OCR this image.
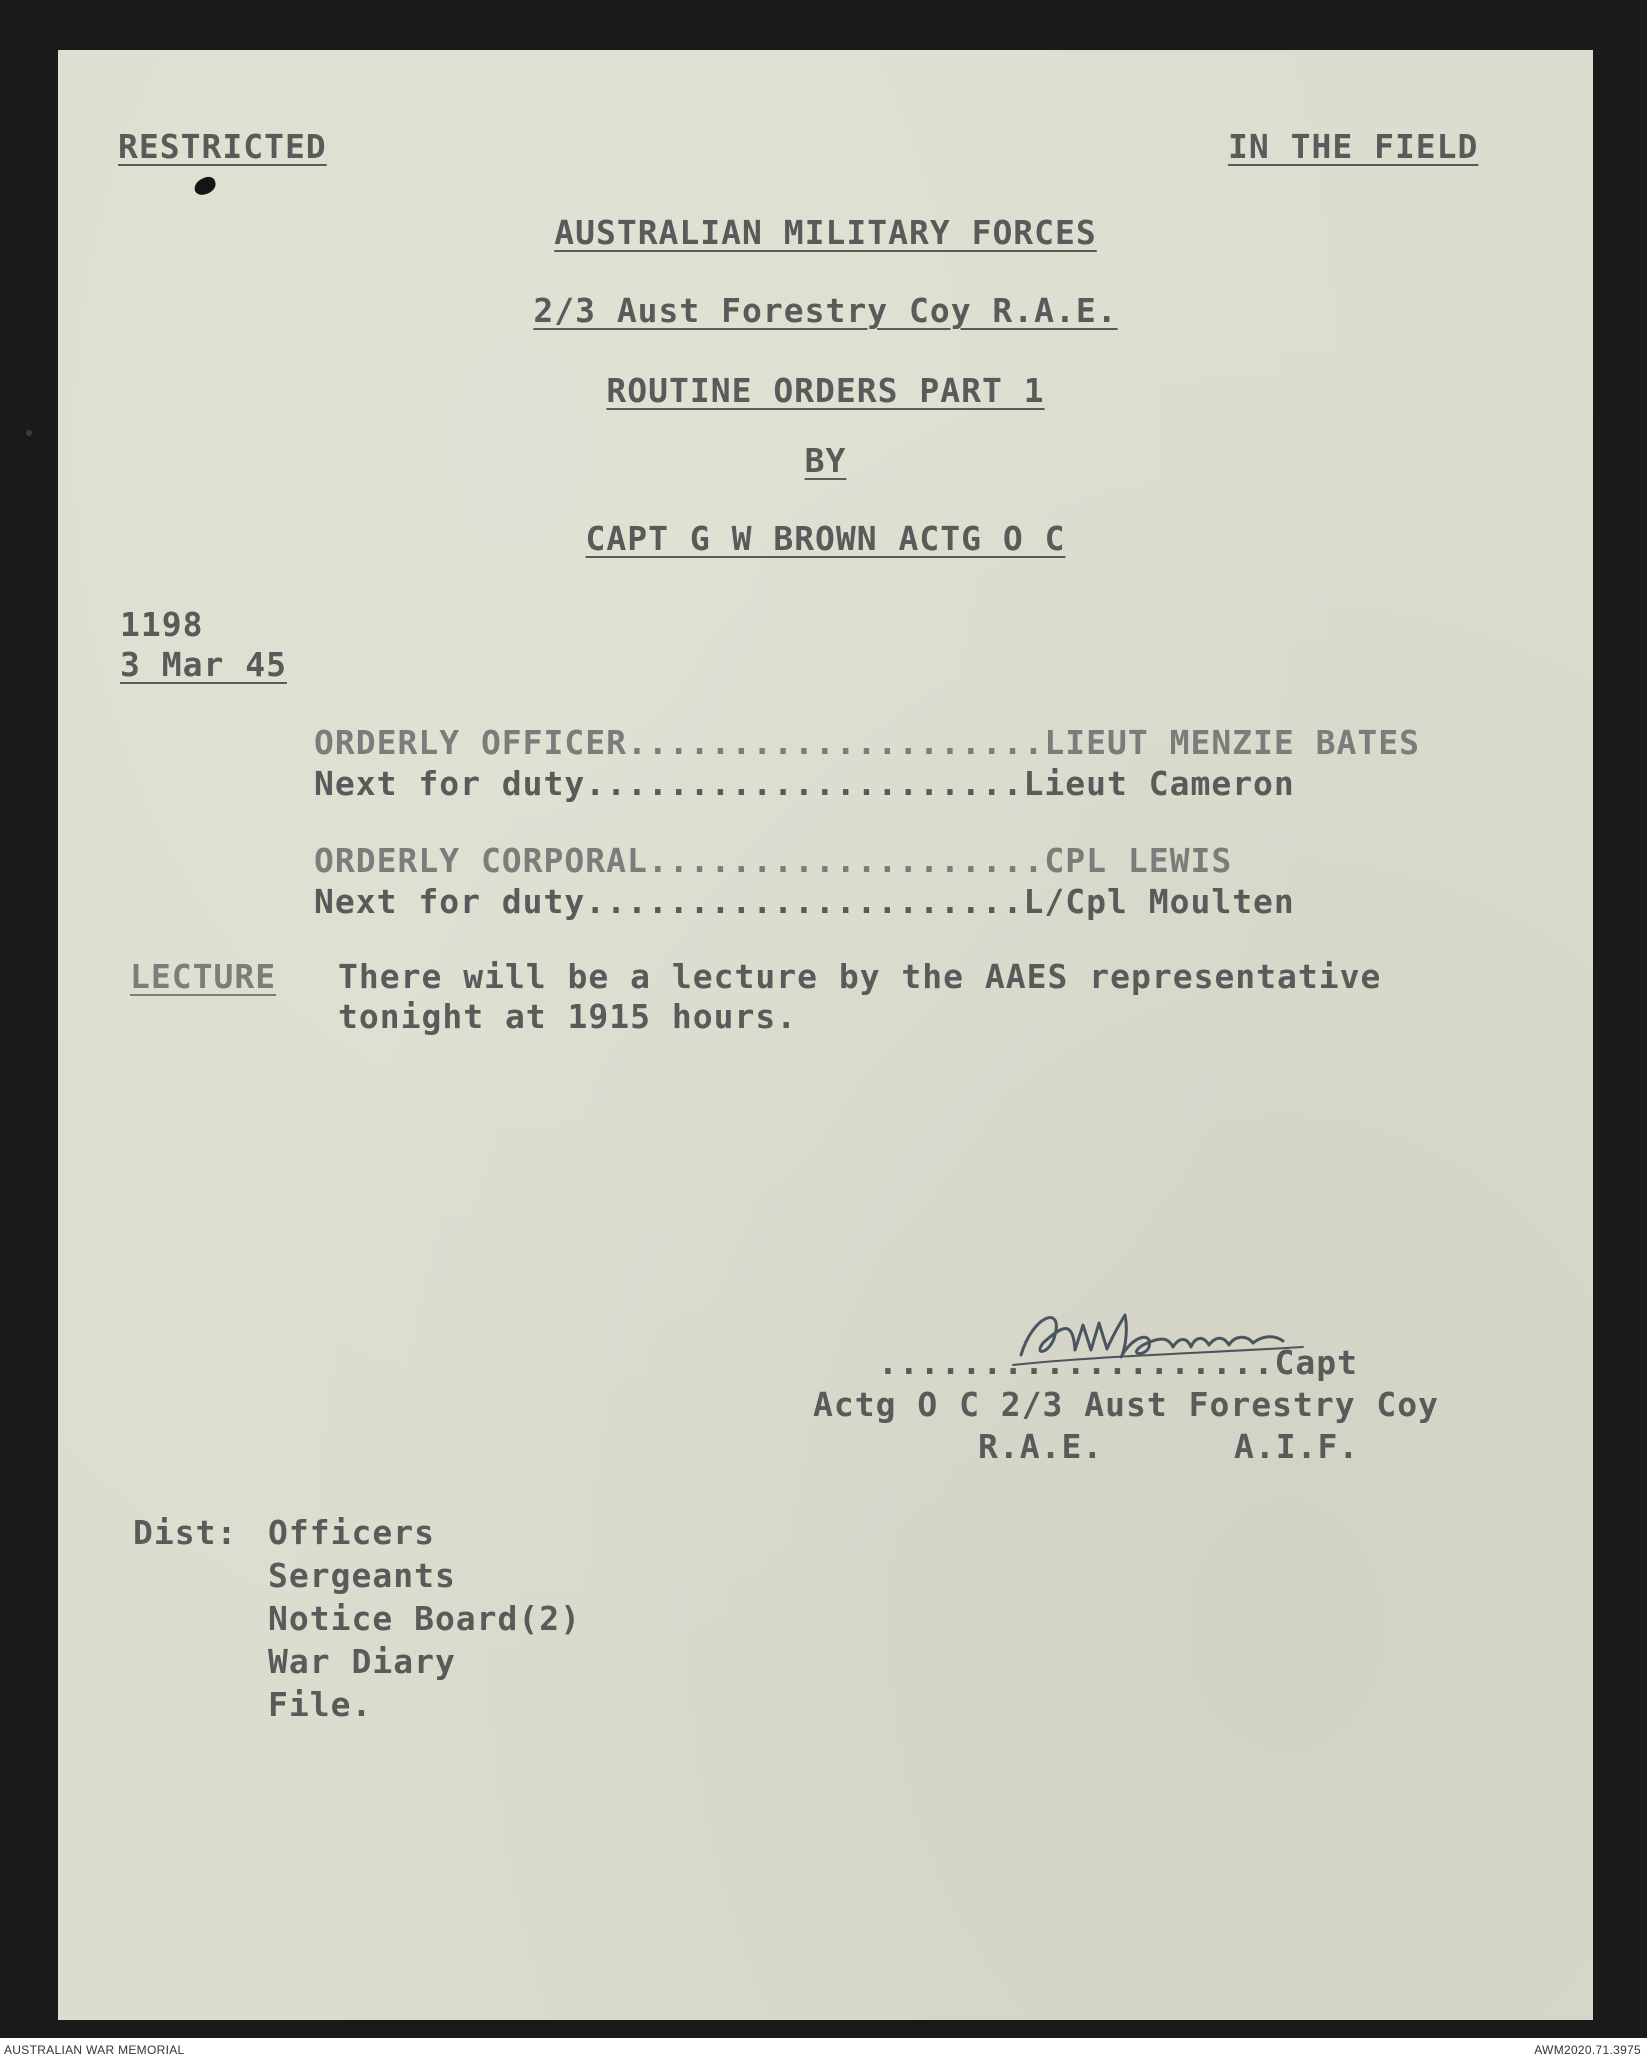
RESTRICTED	IN THE FIELD
AUSTRALIAN MILITARY FORCES
2/3 Aust Forestry Coy R.A.E.
ROUTINE ORDERS PART 1
BY
CAPT G W BROWN ACTG O C
1198
3 Mar 45
ORDERLY OFFICER....................LIEUT MENZIE BATES
Next for duty.....................Lieut Cameron
ORDERLY CORPORAL...................CPL LEWIS
Next for duty.....................L/Cpl Moulten
LECTURE There will be a lecture by the AAES representative
tonight at 1915 hours.
...................Capt
Actg O C 2/3 Aust Forestry Coy
R.A.E.	A.I.F.
Dist: Officers
Sergeants
Notice Board(2)
War Diary
File.
AUSTRALIAN WAR MEMORIAL	AWM2020.71.3975
